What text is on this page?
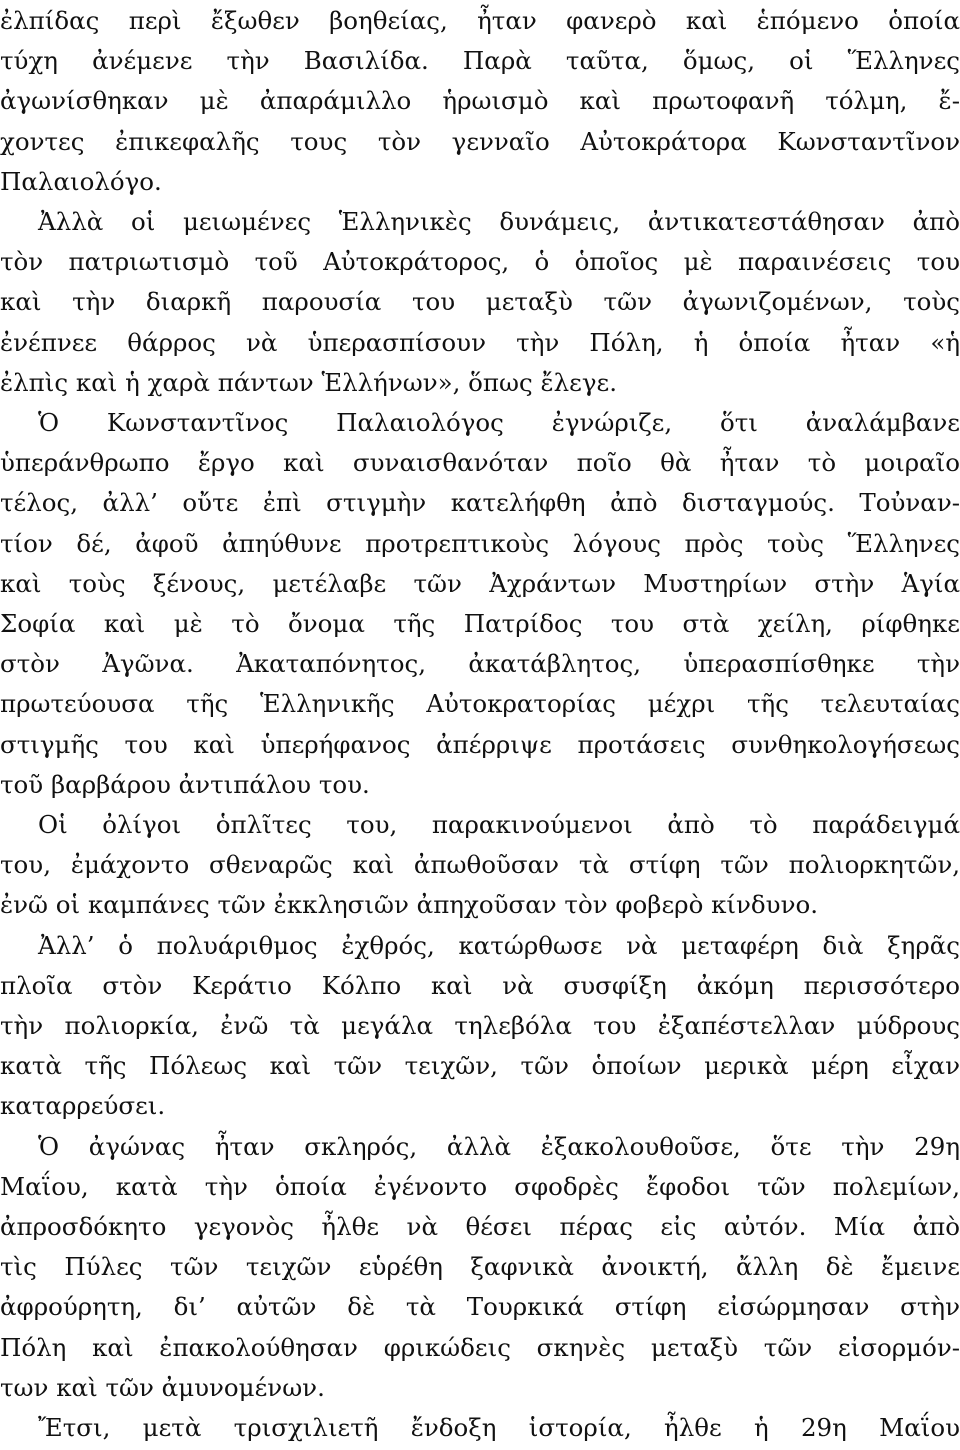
ἐλπίδας περὶ ἔξωθεν βοηθείας, ἦταν φανερὸ καὶ ἑπόμενο ὁποία
τύχη ἀνέμενε τὴν Βασιλίδα. Παρὰ ταῦτα, ὅμως, οἱ Ἕλληνες
ἀγωνίσθηκαν μὲ ἀπαράμιλλο ἡρωισμὸ καὶ πρωτοφανῆ τόλμη, ἔ-
χοντες ἐπικεφαλῆς τους τὸν γενναῖο Αὐτοκράτορα Κωνσταντῖνον
Παλαιολόγο.
Ἀλλὰ οἱ μειωμένες Ἑλληνικὲς δυνάμεις, ἀντικατεστάθησαν ἀπὸ
τὸν πατριωτισμὸ τοῦ Αὐτοκράτορος, ὁ ὁποῖος μὲ παραινέσεις του
καὶ τὴν διαρκῆ παρουσία του μεταξὺ τῶν ἀγωνιζομένων, τοὺς
ἐνέπνεε θάρρος νὰ ὑπερασπίσουν τὴν Πόλη, ἡ ὁποία ἦταν «ἡ
ἐλπὶς καὶ ἡ χαρὰ πάντων Ἑλλήνων», ὅπως ἔλεγε.
Ὁ Κωνσταντῖνος Παλαιολόγος ἐγνώριζε, ὅτι ἀναλάμβανε
ὑπεράνθρωπο ἔργο καὶ συναισθανόταν ποῖο θὰ ἦταν τὸ μοιραῖο
τέλος, ἀλλ’ οὔτε ἐπὶ στιγμὴν κατελήφθη ἀπὸ δισταγμούς. Τοὐναν-
τίον δέ, ἀφοῦ ἀπηύθυνε προτρεπτικοὺς λόγους πρὸς τοὺς Ἕλληνες
καὶ τοὺς ξένους, μετέλαβε τῶν Ἀχράντων Μυστηρίων στὴν Ἁγία
Σοφία καὶ μὲ τὸ ὄνομα τῆς Πατρίδος του στὰ χείλη, ρίφθηκε
στὸν Ἀγῶνα. Ἀκαταπόνητος, ἀκατάβλητος, ὑπερασπίσθηκε τὴν
πρωτεύουσα τῆς Ἑλληνικῆς Αὐτοκρατορίας μέχρι τῆς τελευταίας
στιγμῆς του καὶ ὑπερήφανος ἀπέρριψε προτάσεις συνθηκολογήσεως
τοῦ βαρβάρου ἀντιπάλου του.
Οἱ ὀλίγοι ὁπλῖτες του, παρακινούμενοι ἀπὸ τὸ παράδειγμά
του, ἐμάχοντο σθεναρῶς καὶ ἀπωθοῦσαν τὰ στίφη τῶν πολιορκητῶν,
ἐνῶ οἱ καμπάνες τῶν ἐκκλησιῶν ἀπηχοῦσαν τὸν φοβερὸ κίνδυνο.
Ἀλλ’ ὁ πολυάριθμος ἐχθρός, κατώρθωσε νὰ μεταφέρη διὰ ξηρᾶς
πλοῖα στὸν Κεράτιο Κόλπο καὶ νὰ συσφίξη ἀκόμη περισσότερο
τὴν πολιορκία, ἐνῶ τὰ μεγάλα τηλεβόλα του ἐξαπέστελλαν μύδρους
κατὰ τῆς Πόλεως καὶ τῶν τειχῶν, τῶν ὁποίων μερικὰ μέρη εἶχαν
καταρρεύσει.
Ὁ ἀγώνας ἦταν σκληρός, ἀλλὰ ἐξακολουθοῦσε, ὅτε τὴν 29η
Μαΐου, κατὰ τὴν ὁποία ἐγένοντο σφοδρὲς ἔφοδοι τῶν πολεμίων,
ἀπροσδόκητο γεγονὸς ἦλθε νὰ θέσει πέρας εἰς αὐτόν. Μία ἀπὸ
τὶς Πύλες τῶν τειχῶν εὑρέθη ξαφνικὰ ἀνοικτή, ἄλλη δὲ ἔμεινε
ἀφρούρητη, δι’ αὐτῶν δὲ τὰ Τουρκικά στίφη εἰσώρμησαν στὴν
Πόλη καὶ ἐπακολούθησαν φρικώδεις σκηνὲς μεταξὺ τῶν εἰσορμόν-
των καὶ τῶν ἀμυνομένων.
Ἔτσι, μετὰ τρισχιλιετῆ ἔνδοξη ἱστορία, ἦλθε ἡ 29η Μαΐου
